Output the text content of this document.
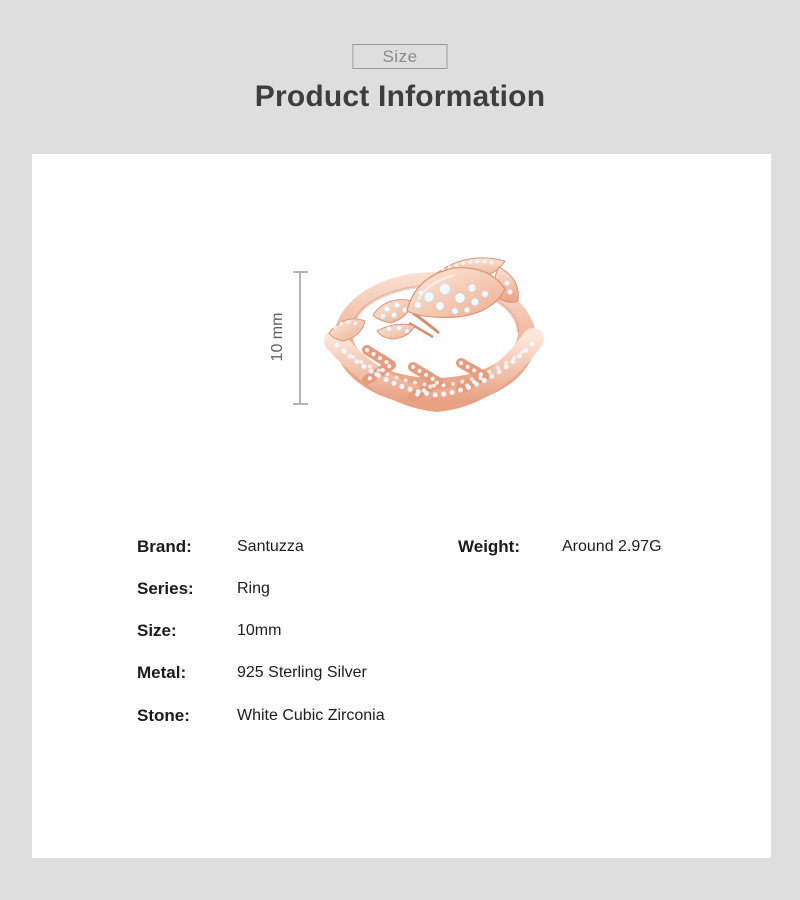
Size
Product Information
10 mm
Brand:	Santuzza
Series:	Ring
Size:	10mm
Metal:	925 Sterling Silver
Stone:	White Cubic Zirconia
Weight:	Around 2.97G
